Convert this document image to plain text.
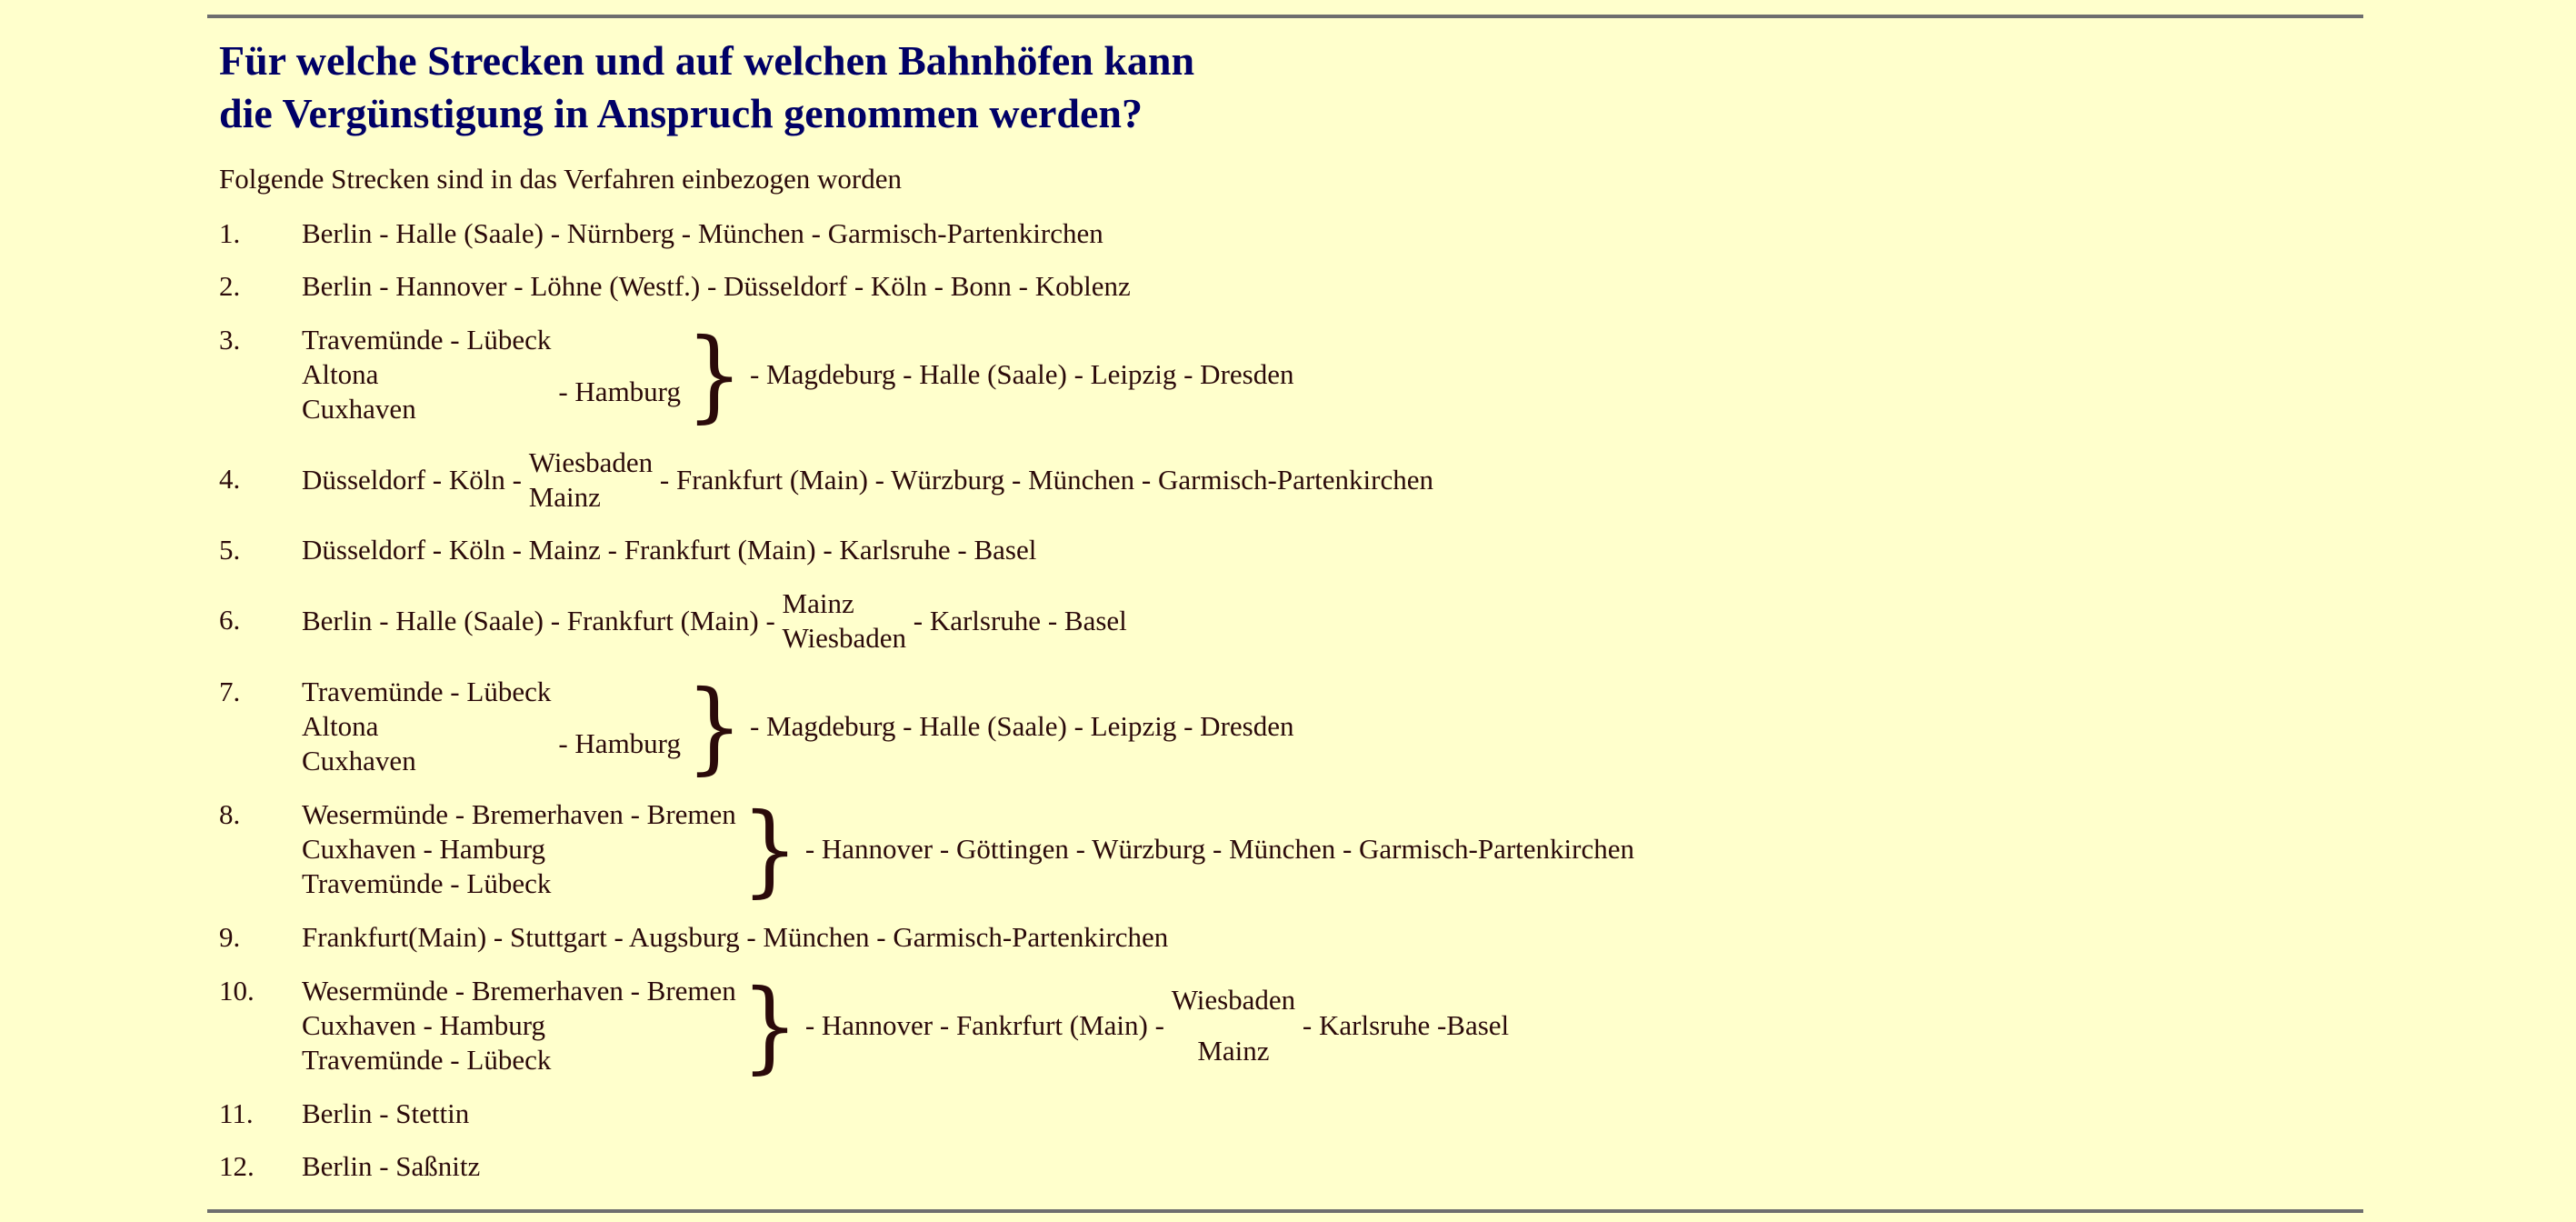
Für welche Strecken und auf welchen Bahnhöfen kann
die Vergünstigung in Anspruch genommen werden?
Folgende Strecken sind in das Verfahren einbezogen worden
1. Berlin - Halle (Saale) - Nürnberg - München - Garmisch-Partenkirchen
2. Berlin - Hannover - Löhne (Westf.) - Düsseldorf - Köln - Bonn - Koblenz
3. Travemünde - Lübeck
Altona
Cuxhaven
- Hamburg } - Magdeburg - Halle (Saale) - Leipzig - Dresden
4. Düsseldorf - Köln -

Wiesbaden
Mainz

- Frankfurt (Main) - Würzburg - München - Garmisch-Partenkirchen
5. Düsseldorf - Köln - Mainz - Frankfurt (Main) - Karlsruhe - Basel
6. Berlin - Halle (Saale) - Frankfurt (Main) -

Mainz
Wiesbaden

- Karlsruhe - Basel
7. Travemünde - Lübeck
Altona
Cuxhaven
- Hamburg } - Magdeburg - Halle (Saale) - Leipzig - Dresden
8. Wesermünde - Bremerhaven - Bremen
Cuxhaven - Hamburg
Travemünde - Lübeck	} - Hannover - Göttingen - Würzburg - München - Garmisch-Partenkirchen
9. Frankfurt(Main) - Stuttgart - Augsburg - München - Garmisch-Partenkirchen
10. Wesermünde - Bremerhaven - Bremen
Cuxhaven - Hamburg
Travemünde - Lübeck	} - Hannover - Fankrfurt (Main) -

Wiesbaden
Mainz

- Karlsruhe -Basel
11. Berlin - Stettin
12. Berlin - Saßnitz
